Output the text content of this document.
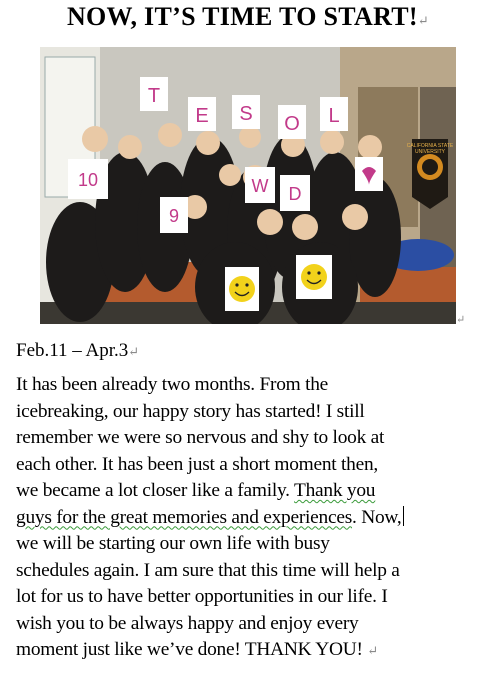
NOW, IT’S TIME TO START!↵
CALIFORNIA STATE
UNIVERSITY
T
E S O L
10	W D
9
↵
Feb.11 – Apr.3↵
It has been already two months. From the
icebreaking, our happy story has started! I still
remember we were so nervous and shy to look at
each other. It has been just a short moment then,
we became a lot closer like a family. Thank you
guys for the great memories and experiences. Now,
we will be starting our own life with busy
schedules again. I am sure that this time will help a
lot for us to have better opportunities in our life. I
wish you to be always happy and enjoy every
moment just like we’ve done! THANK YOU! ↵
